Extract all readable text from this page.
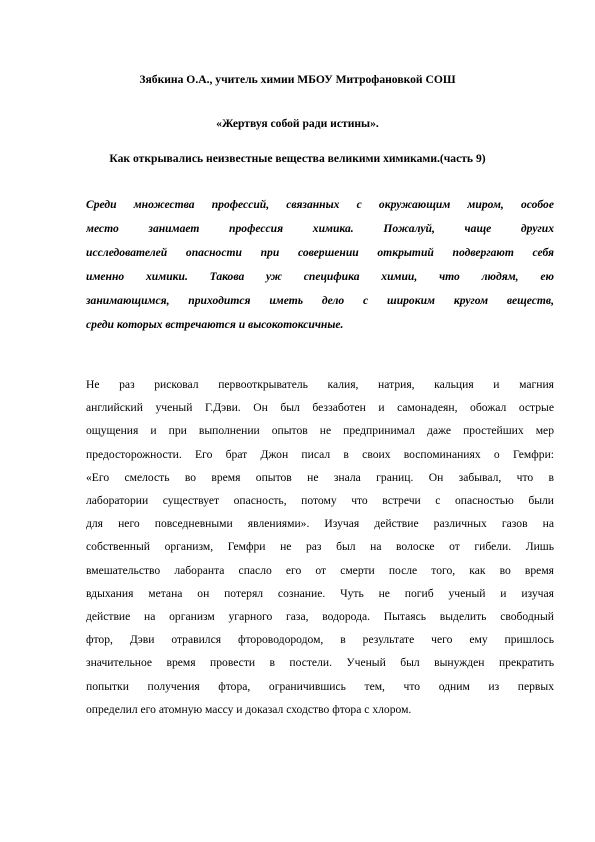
Зябкина О.А., учитель химии МБОУ Митрофановкой СОШ
«Жертвуя собой ради истины».
Как открывались неизвестные вещества великими химиками.(часть 9)
Среди множества профессий, связанных с окружающим миром, особое
место занимает профессия химика. Пожалуй, чаще других
исследователей опасности при совершении открытий подвергают себя
именно химики. Такова уж специфика химии, что людям, ею
занимающимся, приходится иметь дело с широким кругом веществ,
среди которых встречаются и высокотоксичные.
Не раз рисковал первооткрыватель калия, натрия, кальция и магния
английский ученый Г.Дэви. Он был беззаботен и самонадеян, обожал острые
ощущения и при выполнении опытов не предпринимал даже простейших мер
предосторожности. Его брат Джон писал в своих воспоминаниях о Гемфри:
«Его смелость во время опытов не знала границ. Он забывал, что в
лаборатории существует опасность, потому что встречи с опасностью были
для него повседневными явлениями». Изучая действие различных газов на
собственный организм, Гемфри не раз был на волоске от гибели. Лишь
вмешательство лаборанта спасло его от смерти после того, как во время
вдыхания метана он потерял сознание. Чуть не погиб ученый и изучая
действие на организм угарного газа, водорода. Пытаясь выделить свободный
фтор, Дэви отравился фтороводородом, в результате чего ему пришлось
значительное время провести в постели. Ученый был вынужден прекратить
попытки получения фтора, ограничившись тем, что одним из первых
определил его атомную массу и доказал сходство фтора с хлором.
